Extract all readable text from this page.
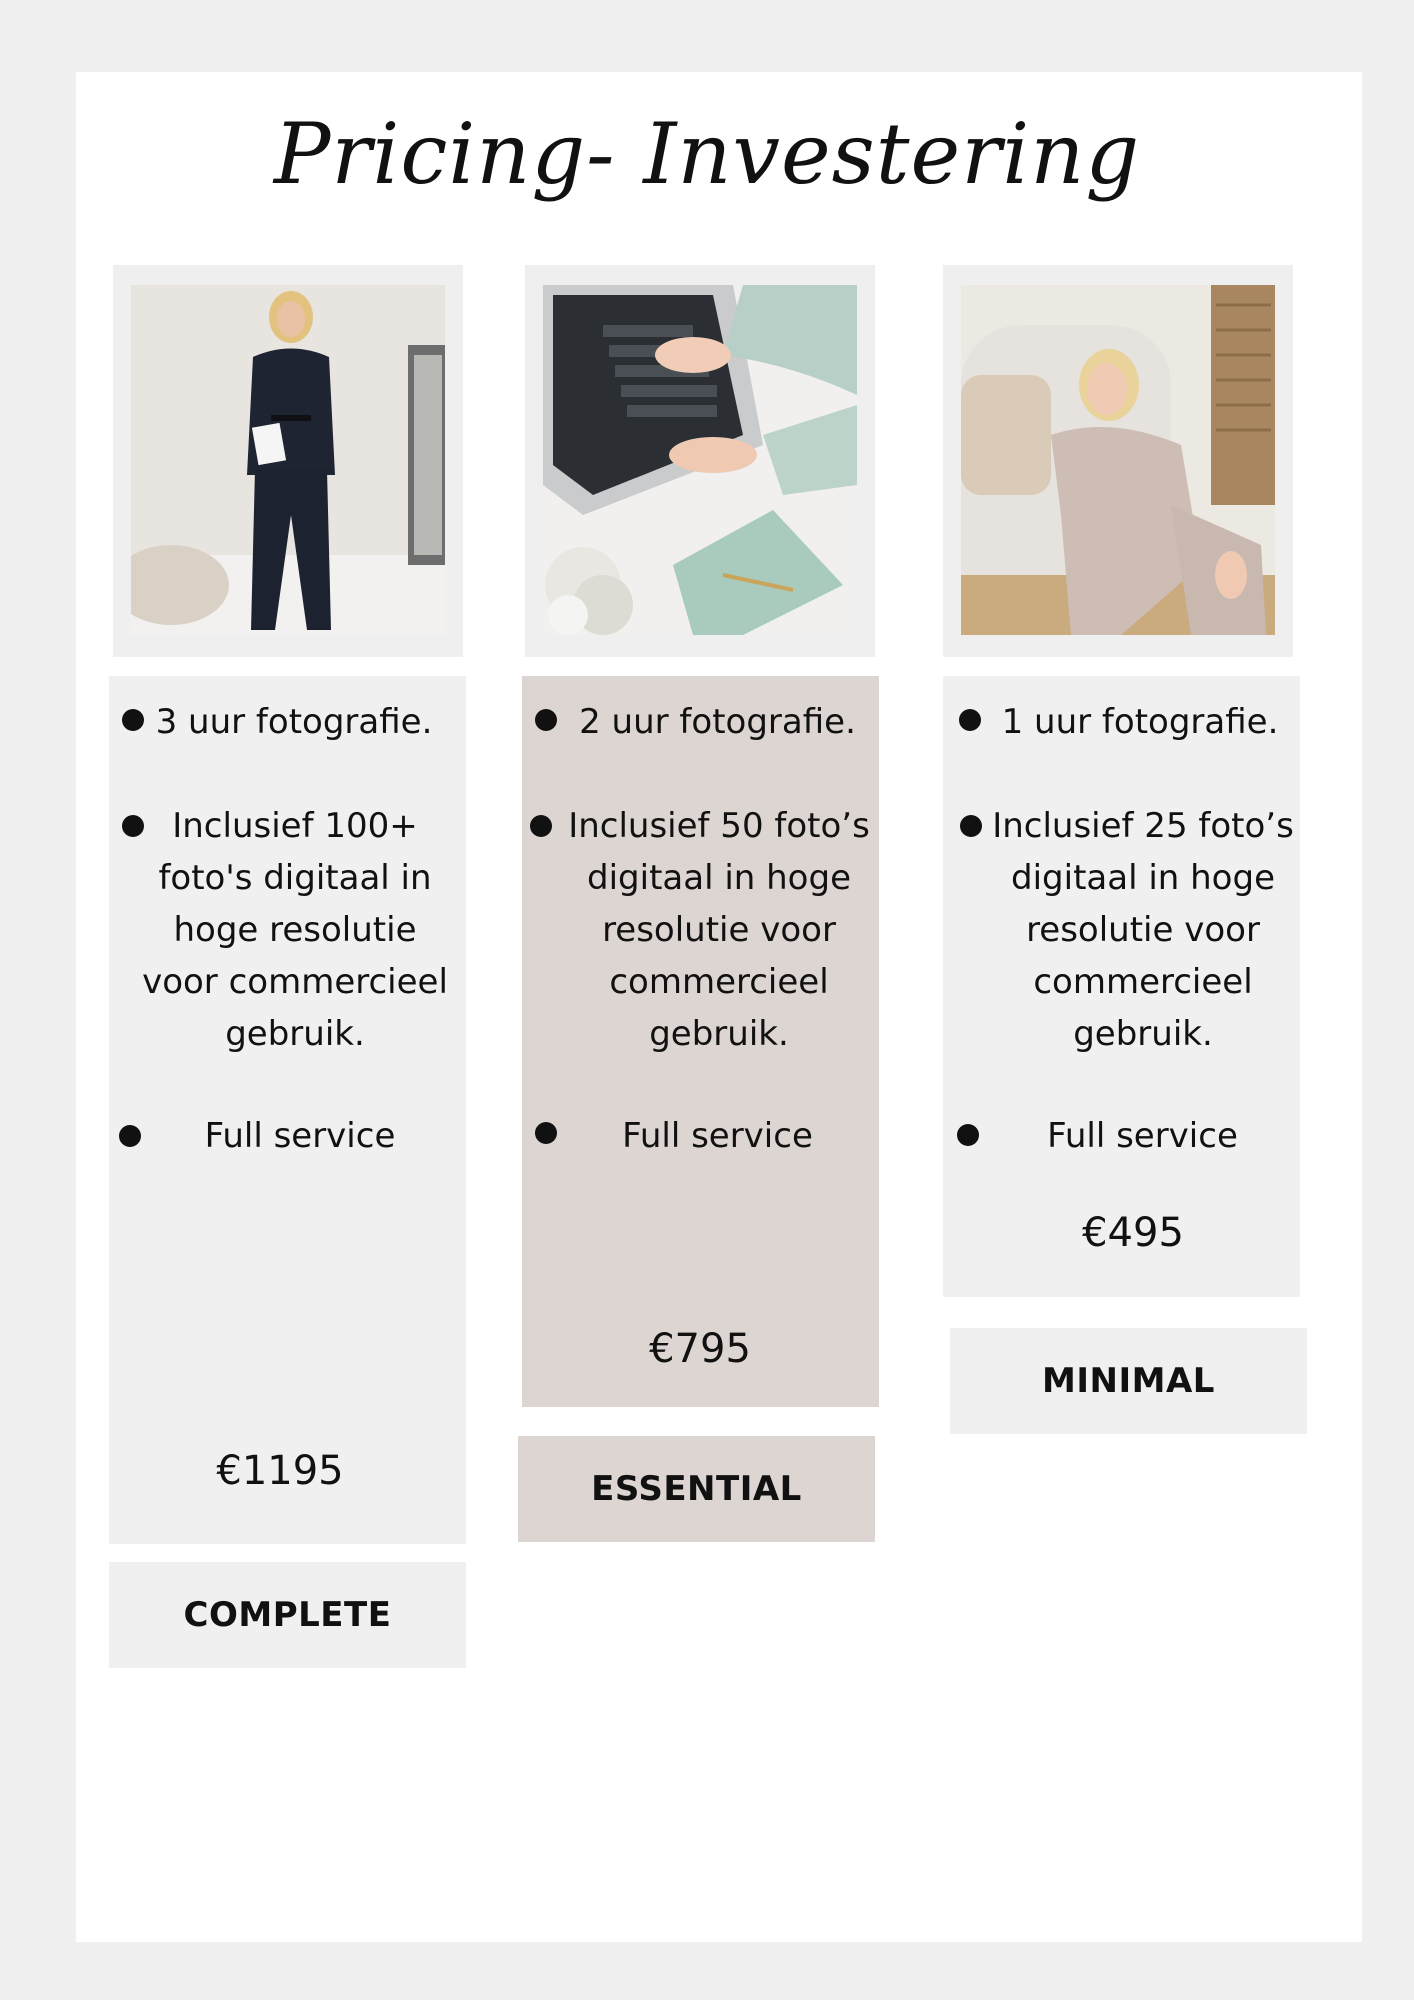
Pricing- Investering
3 uur fotografie.
Inclusief 100+ foto's digitaal in hoge resolutie voor commercieel gebruik.
Full service
€1195
COMPLETE
2 uur fotografie.
Inclusief 50 foto’s digitaal in hoge resolutie voor commercieel gebruik.
Full service
€795
ESSENTIAL
1 uur fotografie.
Inclusief 25 foto’s digitaal in hoge resolutie voor commercieel gebruik.
Full service
€495
MINIMAL
